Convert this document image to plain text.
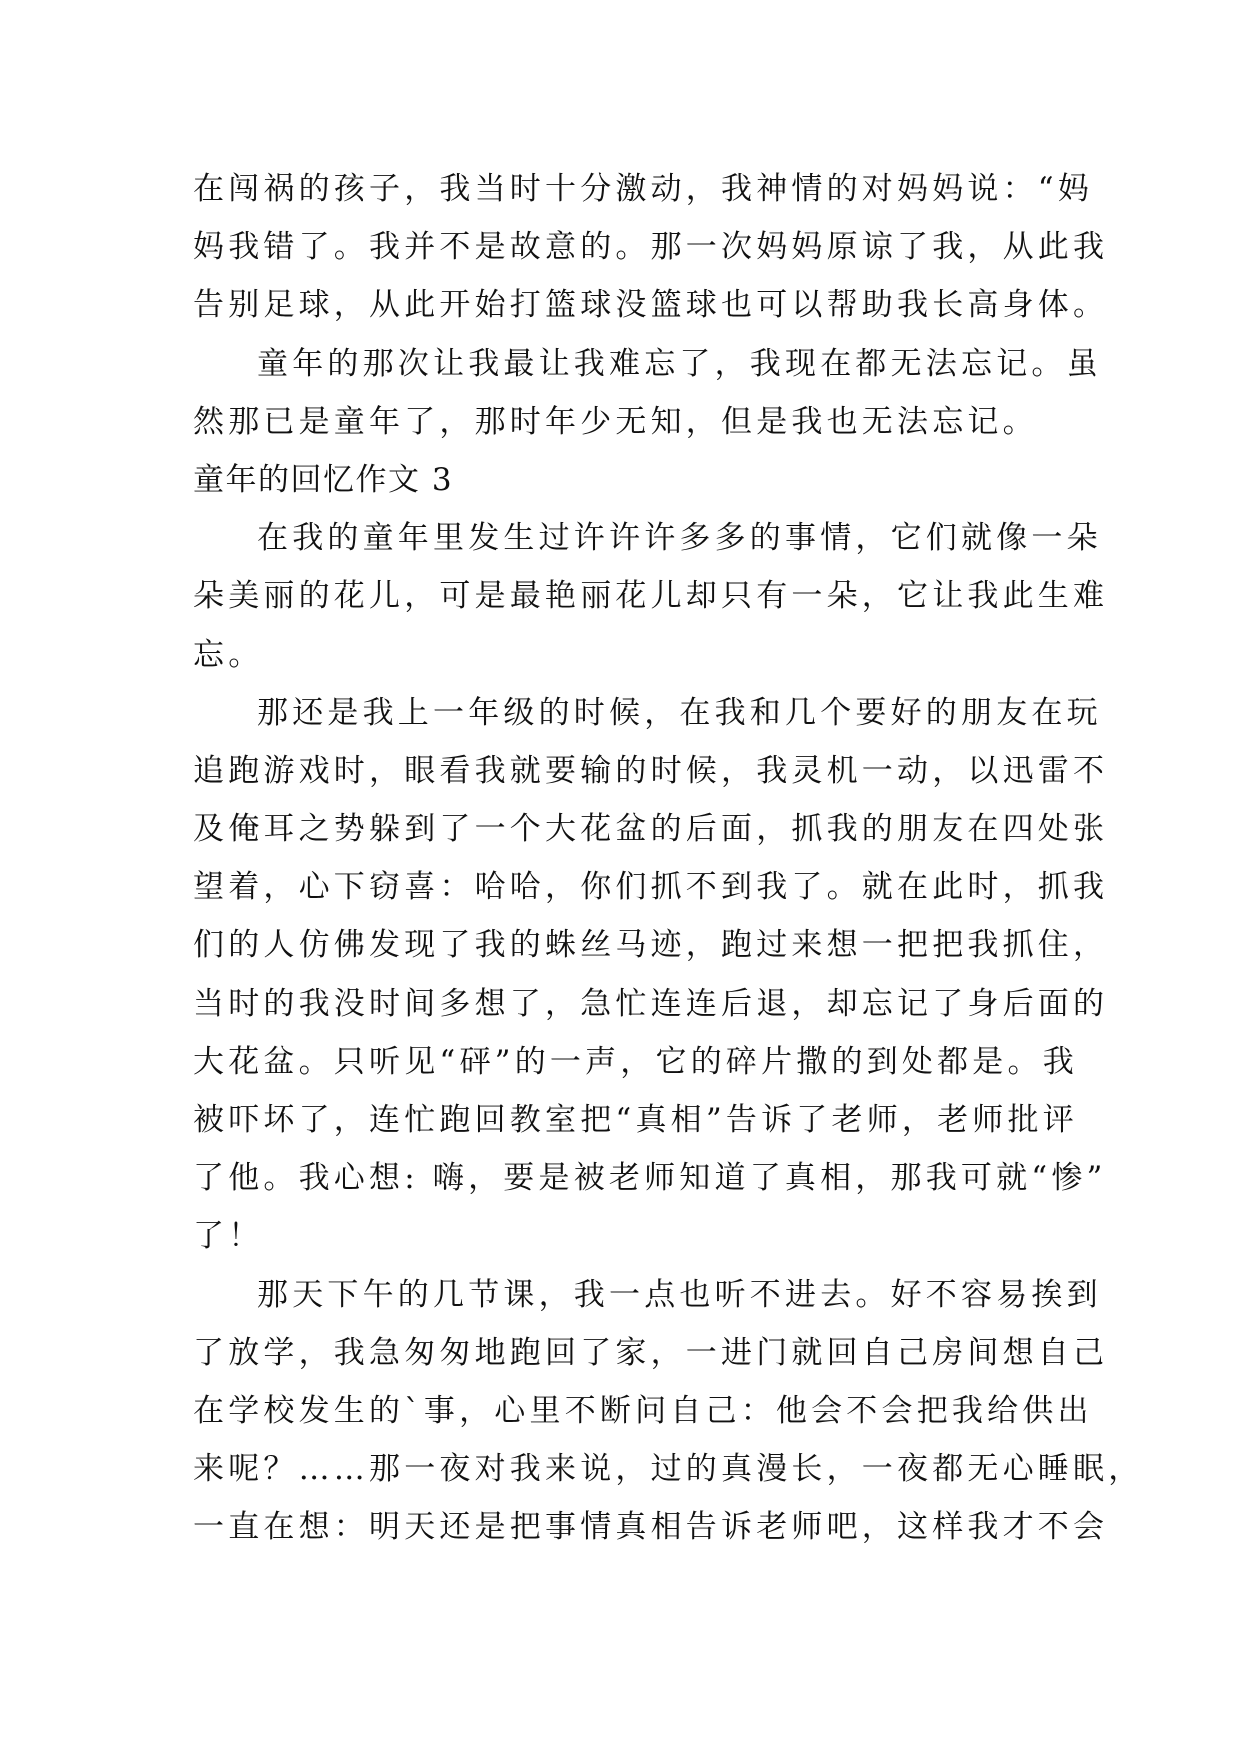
在闯祸的孩子，我当时十分激动，我神情的对妈妈说：“妈
妈我错了。我并不是故意的。那一次妈妈原谅了我，从此我
告别足球，从此开始打篮球没篮球也可以帮助我长高身体。
童年的那次让我最让我难忘了，我现在都无法忘记。虽
然那已是童年了，那时年少无知，但是我也无法忘记。
童年的回忆作文 3
在我的童年里发生过许许许多多的事情，它们就像一朵
朵美丽的花儿，可是最艳丽花儿却只有一朵，它让我此生难
忘。
那还是我上一年级的时候，在我和几个要好的朋友在玩
追跑游戏时，眼看我就要输的时候，我灵机一动，以迅雷不
及俺耳之势躲到了一个大花盆的后面，抓我的朋友在四处张
望着，心下窃喜：哈哈，你们抓不到我了。就在此时，抓我
们的人仿佛发现了我的蛛丝马迹，跑过来想一把把我抓住，
当时的我没时间多想了，急忙连连后退，却忘记了身后面的
大花盆。只听见“砰”的一声，它的碎片撒的到处都是。我
被吓坏了，连忙跑回教室把“真相”告诉了老师，老师批评
了他。我心想: 嗨，要是被老师知道了真相，那我可就“惨”
了！
那天下午的几节课，我一点也听不进去。好不容易挨到
了放学，我急匆匆地跑回了家，一进门就回自己房间想自己
在学校发生的`事，心里不断问自己：他会不会把我给供出
来呢？……那一夜对我来说，过的真漫长，一夜都无心睡眠，
一直在想：明天还是把事情真相告诉老师吧，这样我才不会
